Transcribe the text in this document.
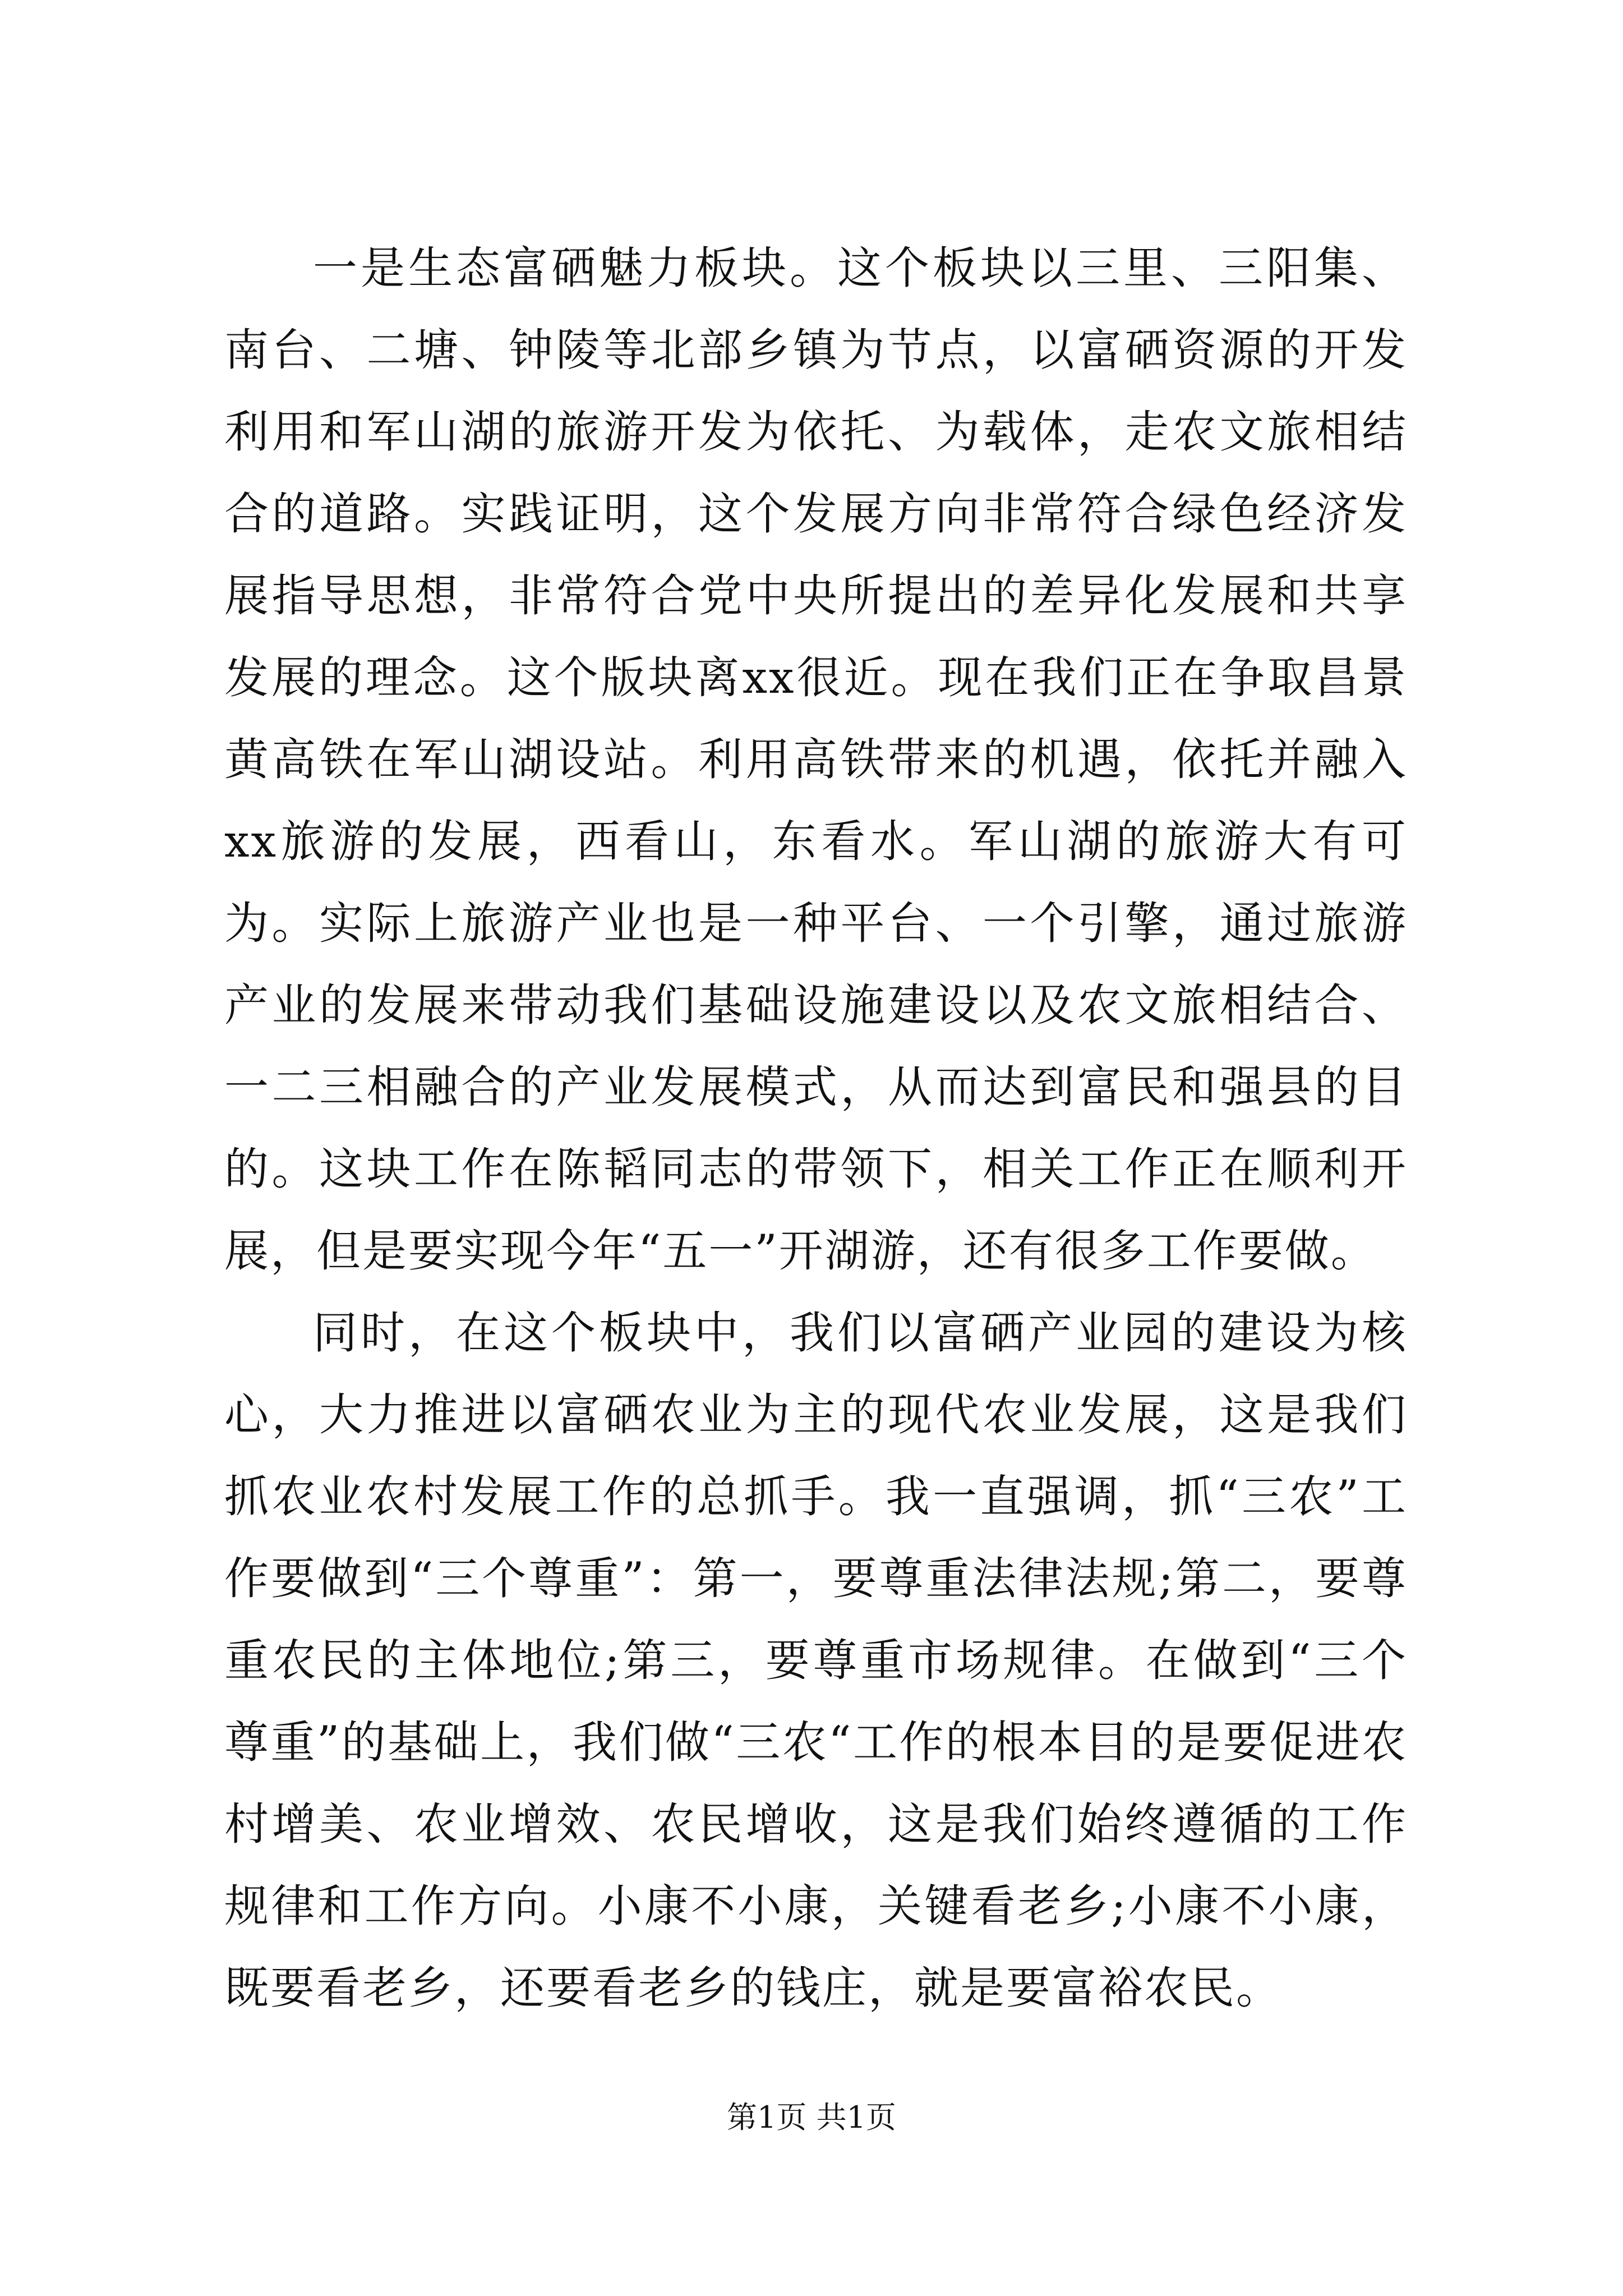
一是生态富硒魅力板块。这个板块以三里、三阳集、南台、二塘、钟陵等北部乡镇为节点，以富硒资源的开发利用和军山湖的旅游开发为依托、为载体，走农文旅相结合的道路。实践证明，这个发展方向非常符合绿色经济发展指导思想，非常符合党中央所提出的差异化发展和共享发展的理念。这个版块离xx很近。现在我们正在争取昌景黄高铁在军山湖设站。利用高铁带来的机遇，依托并融入xx旅游的发展，西看山，东看水。军山湖的旅游大有可为。实际上旅游产业也是一种平台、一个引擎，通过旅游产业的发展来带动我们基础设施建设以及农文旅相结合、一二三相融合的产业发展模式，从而达到富民和强县的目的。这块工作在陈韬同志的带领下，相关工作正在顺利开展，但是要实现今年“五一”开湖游，还有很多工作要做。

同时，在这个板块中，我们以富硒产业园的建设为核心，大力推进以富硒农业为主的现代农业发展，这是我们抓农业农村发展工作的总抓手。我一直强调，抓“三农”工作要做到“三个尊重”：第一，要尊重法律法规;第二，要尊重农民的主体地位;第三，要尊重市场规律。在做到“三个尊重”的基础上，我们做“三农“工作的根本目的是要促进农村增美、农业增效、农民增收，这是我们始终遵循的工作规律和工作方向。小康不小康，关键看老乡;小康不小康，既要看老乡，还要看老乡的钱庄，就是要富裕农民。

第1页 共1页
